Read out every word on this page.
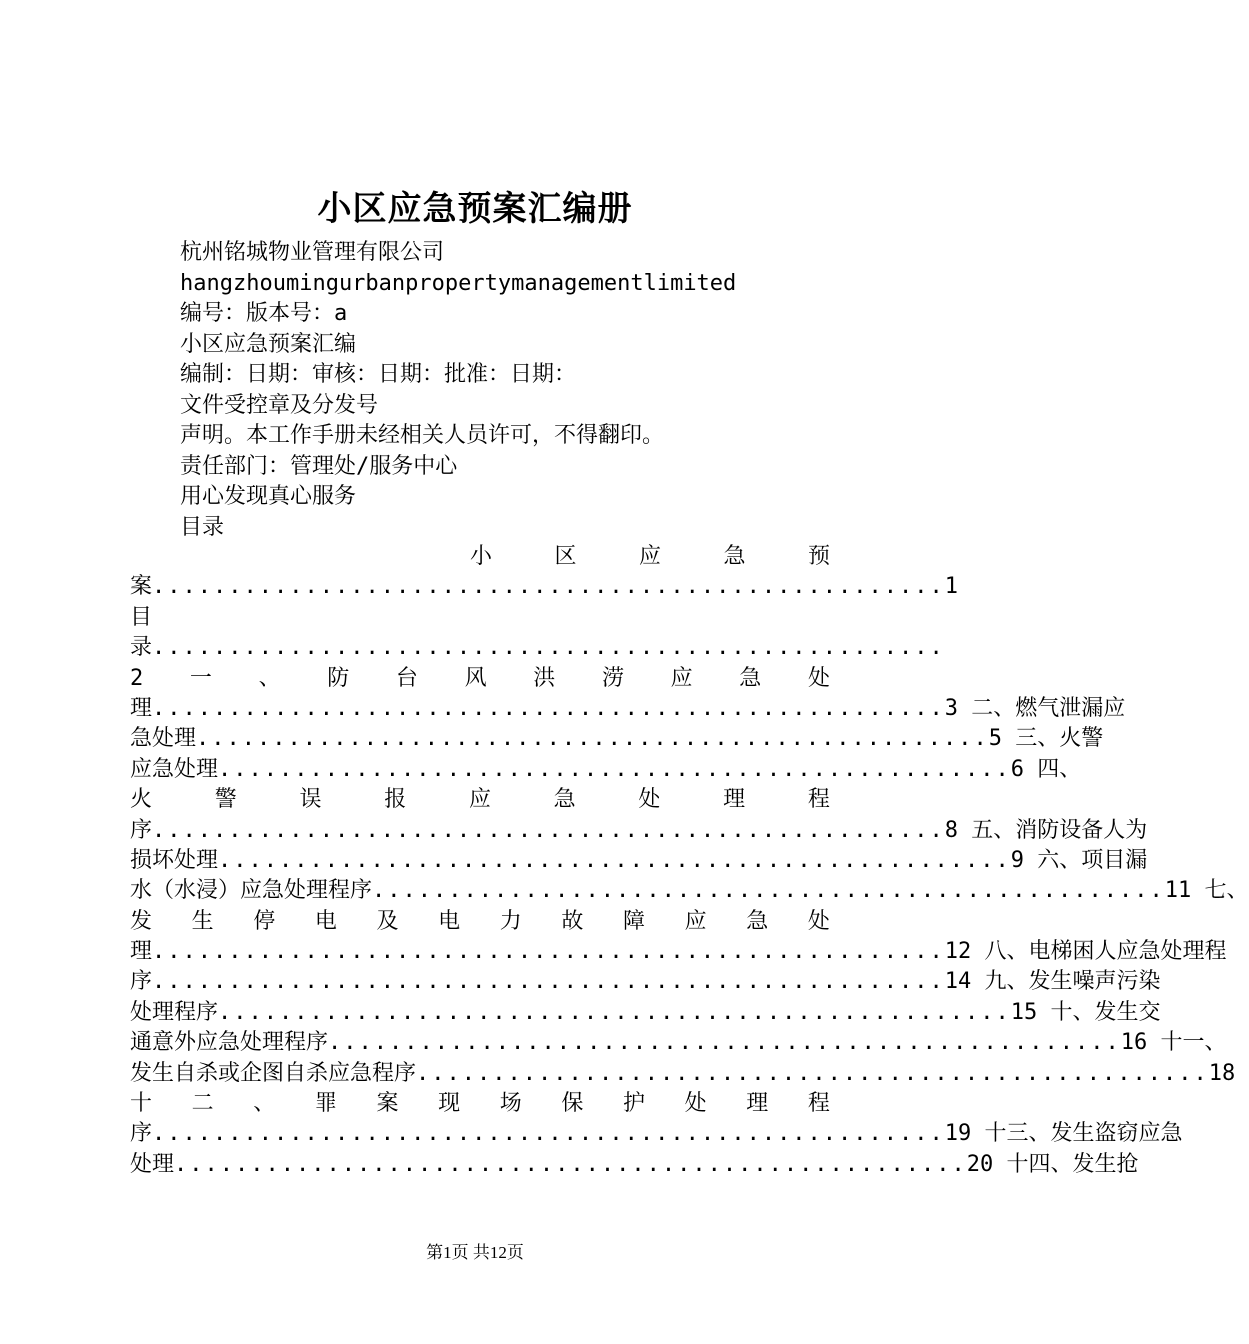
小区应急预案汇编册
杭州铭城物业管理有限公司
hangzhoumingurbanpropertymanagementlimited
编号：版本号：a
小区应急预案汇编
编制：日期：审核：日期：批准：日期：
文件受控章及分发号
声明。本工作手册未经相关人员许可，不得翻印。
责任部门：管理处/服务中心
用心发现真心服务
目录
小	区	应	急	预
案 .................................................... 1
目
录 ....................................................
2 一 、 防 台 风 洪 涝 应 急 处
理 .................................................... 3 二、燃气泄漏应
急处理 .................................................... 5 三、火警
应急处理 .................................................... 6 四、
火	警	误	报	应	急	处	理	程
序 .................................................... 8 五、消防设备人为
损坏处理 .................................................... 9 六、项目漏
水（水浸）应急处理程序 .................................................... 11 七、
发 生 停 电 及 电 力 故 障 应 急 处
理 .................................................... 12 八、电梯困人应急处理程
序 .................................................... 14 九、发生噪声污染
处理程序 .................................................... 15 十、发生交
通意外应急处理程序 .................................................... 16 十一、
发生自杀或企图自杀应急程序 .................................................... 18
十 二 、 罪 案 现 场 保 护 处 理 程
序 .................................................... 19 十三、发生盗窃应急
处理 .................................................... 20 十四、发生抢
第1页 共12页
